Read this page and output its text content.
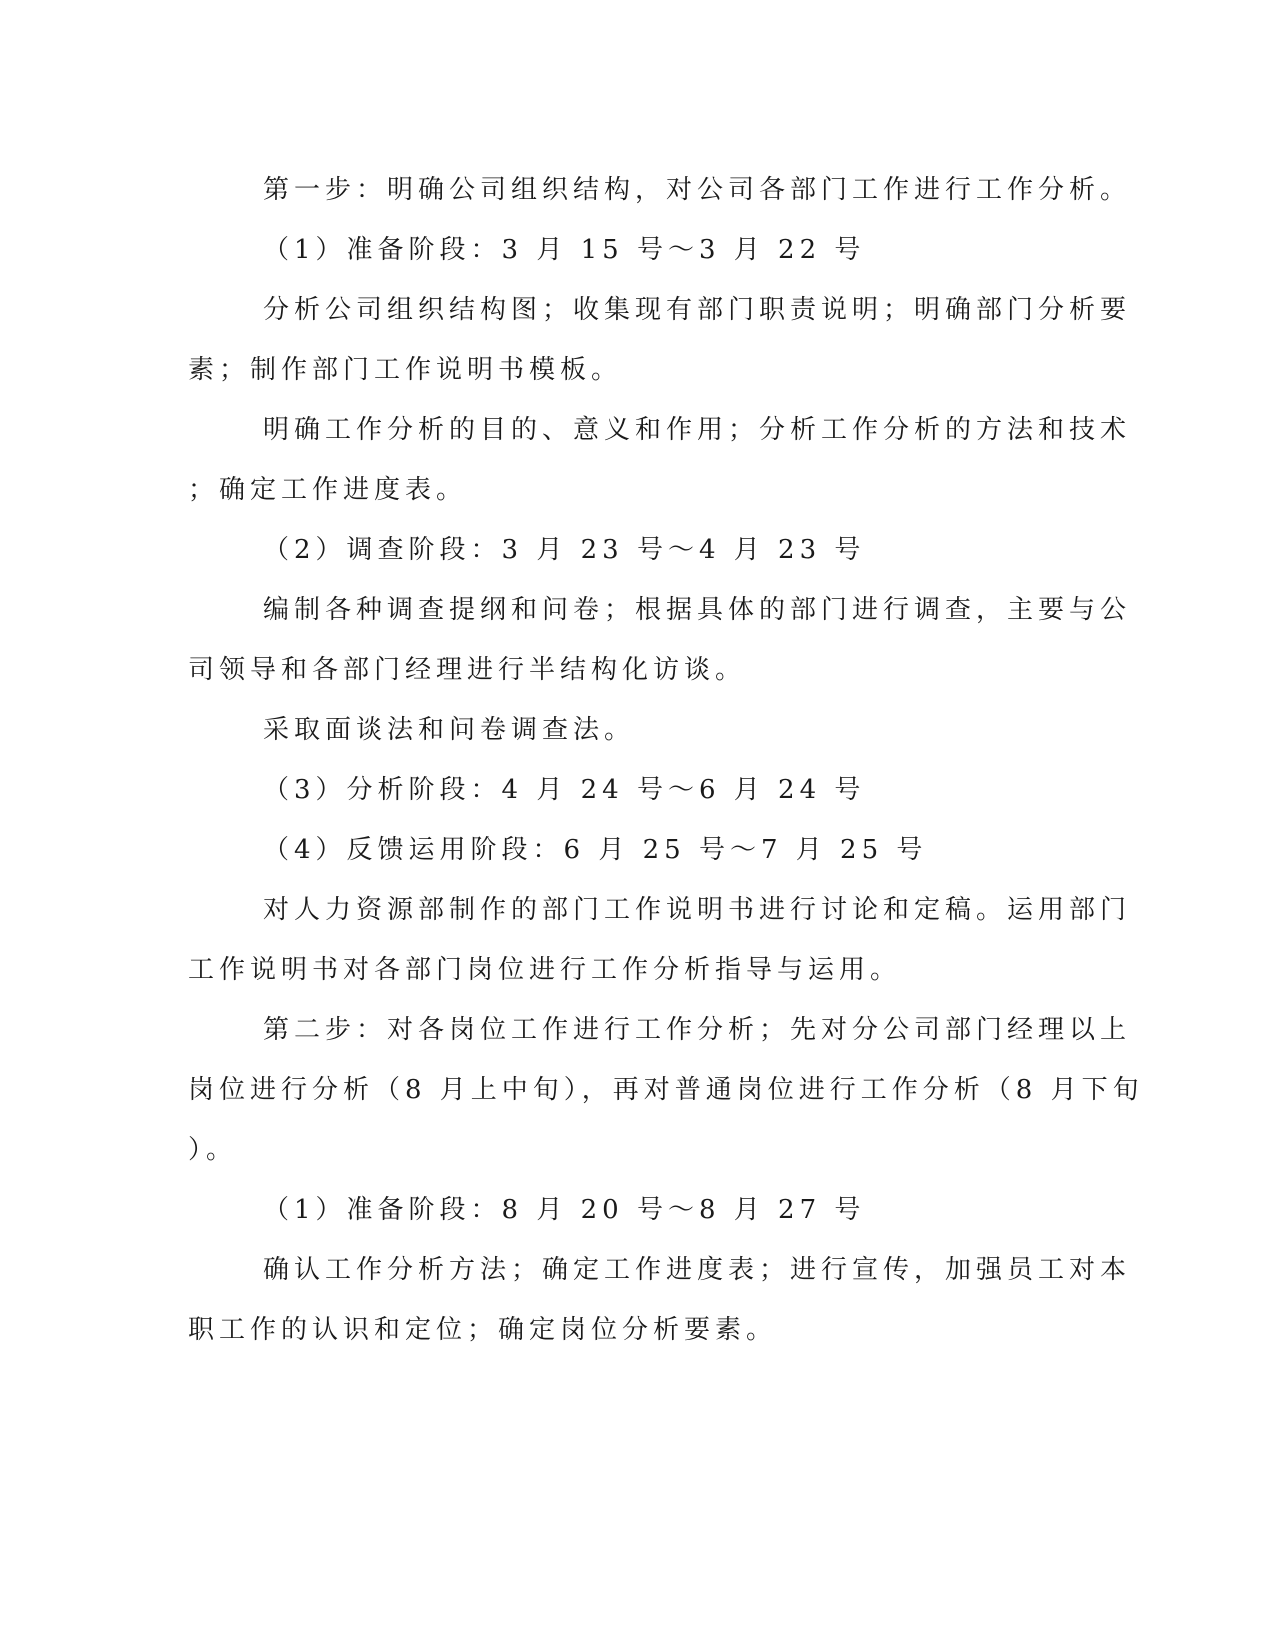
第一步：明确公司组织结构，对公司各部门工作进行工作分析。
（1）准备阶段：3 月 15 号～3 月 22 号
分析公司组织结构图；收集现有部门职责说明；明确部门分析要
素；制作部门工作说明书模板。
明确工作分析的目的、意义和作用；分析工作分析的方法和技术
；确定工作进度表。
（2）调查阶段：3 月 23 号～4 月 23 号
编制各种调查提纲和问卷；根据具体的部门进行调查，主要与公
司领导和各部门经理进行半结构化访谈。
采取面谈法和问卷调查法。
（3）分析阶段：4 月 24 号～6 月 24 号
（4）反馈运用阶段：6 月 25 号～7 月 25 号
对人力资源部制作的部门工作说明书进行讨论和定稿。运用部门
工作说明书对各部门岗位进行工作分析指导与运用。
第二步：对各岗位工作进行工作分析；先对分公司部门经理以上
岗位进行分析（8 月上中旬），再对普通岗位进行工作分析（8 月下旬
）。
（1）准备阶段：8 月 20 号～8 月 27 号
确认工作分析方法；确定工作进度表；进行宣传，加强员工对本
职工作的认识和定位；确定岗位分析要素。
